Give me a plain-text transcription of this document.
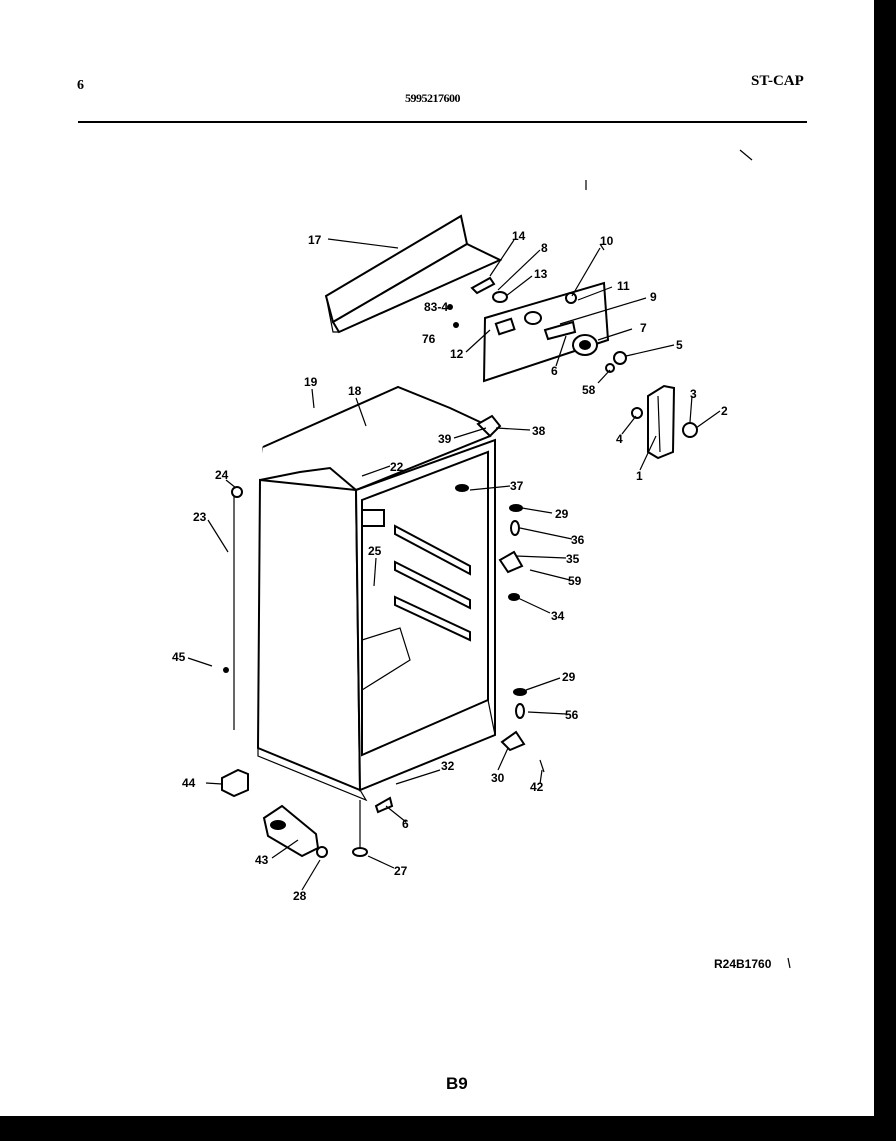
6
5995217600
ST-CAP
17	14
8
13
10
11
9
83-4
76
12
7
5
6
58	3
2
4
1
19
18
39
38
22
24
23
37
29
36
35
59
25
34
45
29
56
32
30
42
44
6
43
27
28
R24B1760
B9
